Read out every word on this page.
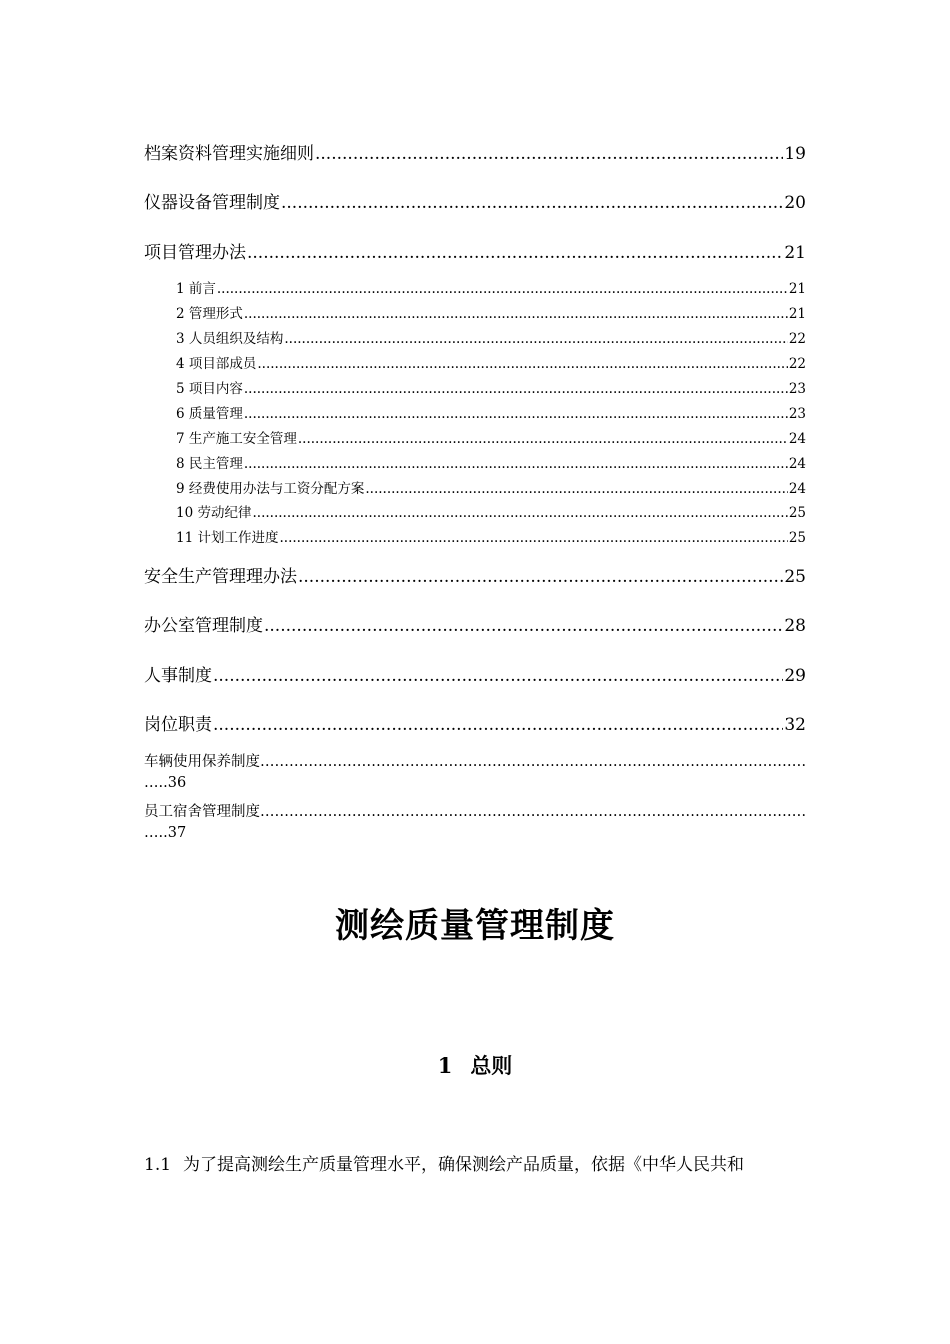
档案资料管理实施细则 .....	19
仪器设备管理制度 .....	20
项目管理办法 .....	21
1 前言 .....	21
2 管理形式 .....	21
3 人员组织及结构 .....	22
4 项目部成员 .....	22
5 项目内容 .....	23
6 质量管理 .....	23
7 生产施工安全管理 .....	24
8 民主管理 .....	24
9 经费使用办法与工资分配方案 .....	24
10 劳动纪律 .....	25
11 计划工作进度 .....	25
安全生产管理理办法 .....	25
办公室管理制度 .....	28
人事制度 .....	29
岗位职责 .....	32
车辆使用保养制度…………………………………………………………………………………………………………………………
…..36
员工宿舍管理制度…………………………………………………………………………………………………………………………
…..37
测绘质量管理制度
1 总则
1.1 为了提高测绘生产质量管理水平，确保测绘产品质量，依据《中华人民共和
